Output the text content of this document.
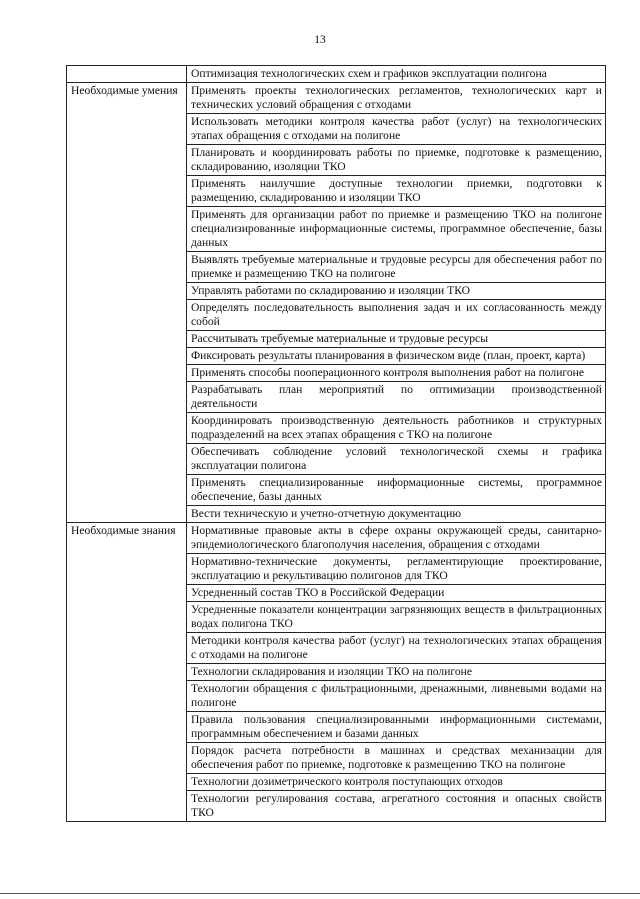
13
	Оптимизация технологических схем и графиков эксплуатации полигона
Необходимые умения	Применять проекты технологических регламентов, технологических карт и технических условий обращения с отходами
	Использовать методики контроля качества работ (услуг) на технологических этапах обращения с отходами на полигоне
	Планировать и координировать работы по приемке, подготовке к размещению, складированию, изоляции ТКО
	Применять наилучшие доступные технологии приемки, подготовки к размещению, складированию и изоляции ТКО
	Применять для организации работ по приемке и размещению ТКО на полигоне специализированные информационные системы, программное обеспечение, базы данных
	Выявлять требуемые материальные и трудовые ресурсы для обеспечения работ по приемке и размещению ТКО на полигоне
	Управлять работами по складированию и изоляции ТКО
	Определять последовательность выполнения задач и их согласованность между собой
	Рассчитывать требуемые материальные и трудовые ресурсы
	Фиксировать результаты планирования в физическом виде (план, проект, карта)
	Применять способы пооперационного контроля выполнения работ на полигоне
	Разрабатывать план мероприятий по оптимизации производственной деятельности
	Координировать производственную деятельность работников и структурных подразделений на всех этапах обращения с ТКО на полигоне
	Обеспечивать соблюдение условий технологической схемы и графика эксплуатации полигона
	Применять специализированные информационные системы, программное обеспечение, базы данных
	Вести техническую и учетно-отчетную документацию
Необходимые знания	Нормативные правовые акты в сфере охраны окружающей среды, санитарно-эпидемиологического благополучия населения, обращения с отходами
	Нормативно-технические документы, регламентирующие проектирование, эксплуатацию и рекультивацию полигонов для ТКО
	Усредненный состав ТКО в Российской Федерации
	Усредненные показатели концентрации загрязняющих веществ в фильтрационных водах полигона ТКО
	Методики контроля качества работ (услуг) на технологических этапах обращения с отходами на полигоне
	Технологии складирования и изоляции ТКО на полигоне
	Технологии обращения с фильтрационными, дренажными, ливневыми водами на полигоне
	Правила пользования специализированными информационными системами, программным обеспечением и базами данных
	Порядок расчета потребности в машинах и средствах механизации для обеспечения работ по приемке, подготовке к размещению ТКО на полигоне
	Технологии дозиметрического контроля поступающих отходов
	Технологии регулирования состава, агрегатного состояния и опасных свойств ТКО
